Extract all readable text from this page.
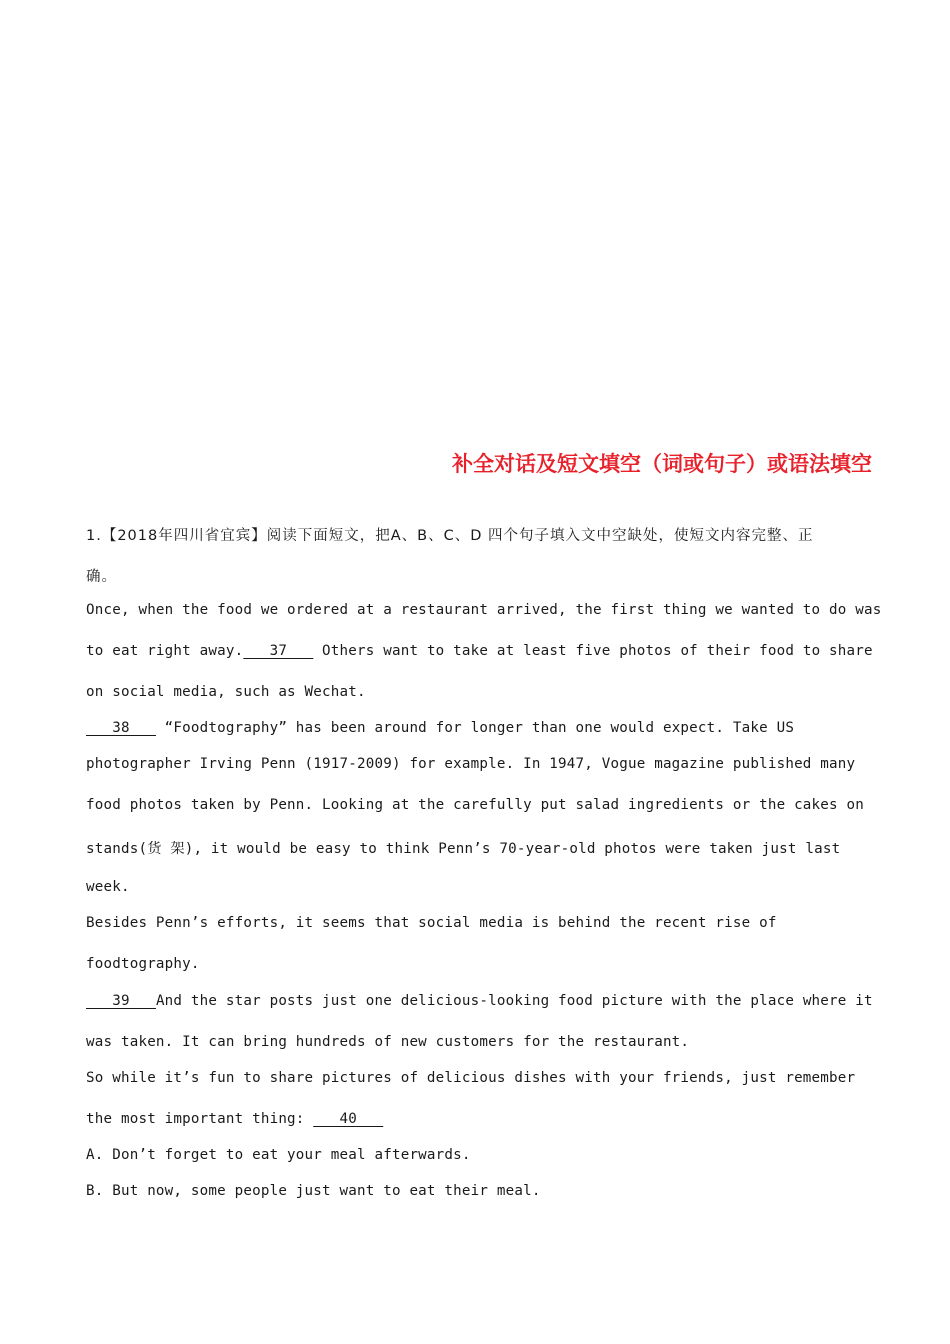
补全对话及短文填空（词或句子）或语法填空
1.【2018年四川省宜宾】阅读下面短文，把A、B、C、D 四个句子填入文中空缺处，使短文内容完整、正
确。
Once, when the food we ordered at a restaurant arrived, the first thing we wanted to do was
to eat right away.___37___ Others want to take at least five photos of their food to share
on social media, such as Wechat.
___38___ “Foodtography” has been around for longer than one would expect. Take US
photographer Irving Penn (1917-2009) for example. In 1947, Vogue magazine published many
food photos taken by Penn. Looking at the carefully put salad ingredients or the cakes on
stands(货 架), it would be easy to think Penn’s 70-year-old photos were taken just last
week.
Besides Penn’s efforts, it seems that social media is behind the recent rise of
foodtography.
___39___And the star posts just one delicious-looking food picture with the place where it
was taken. It can bring hundreds of new customers for the restaurant.
So while it’s fun to share pictures of delicious dishes with your friends, just remember
the most important thing: ___40___
A. Don’t forget to eat your meal afterwards.
B. But now, some people just want to eat their meal.
